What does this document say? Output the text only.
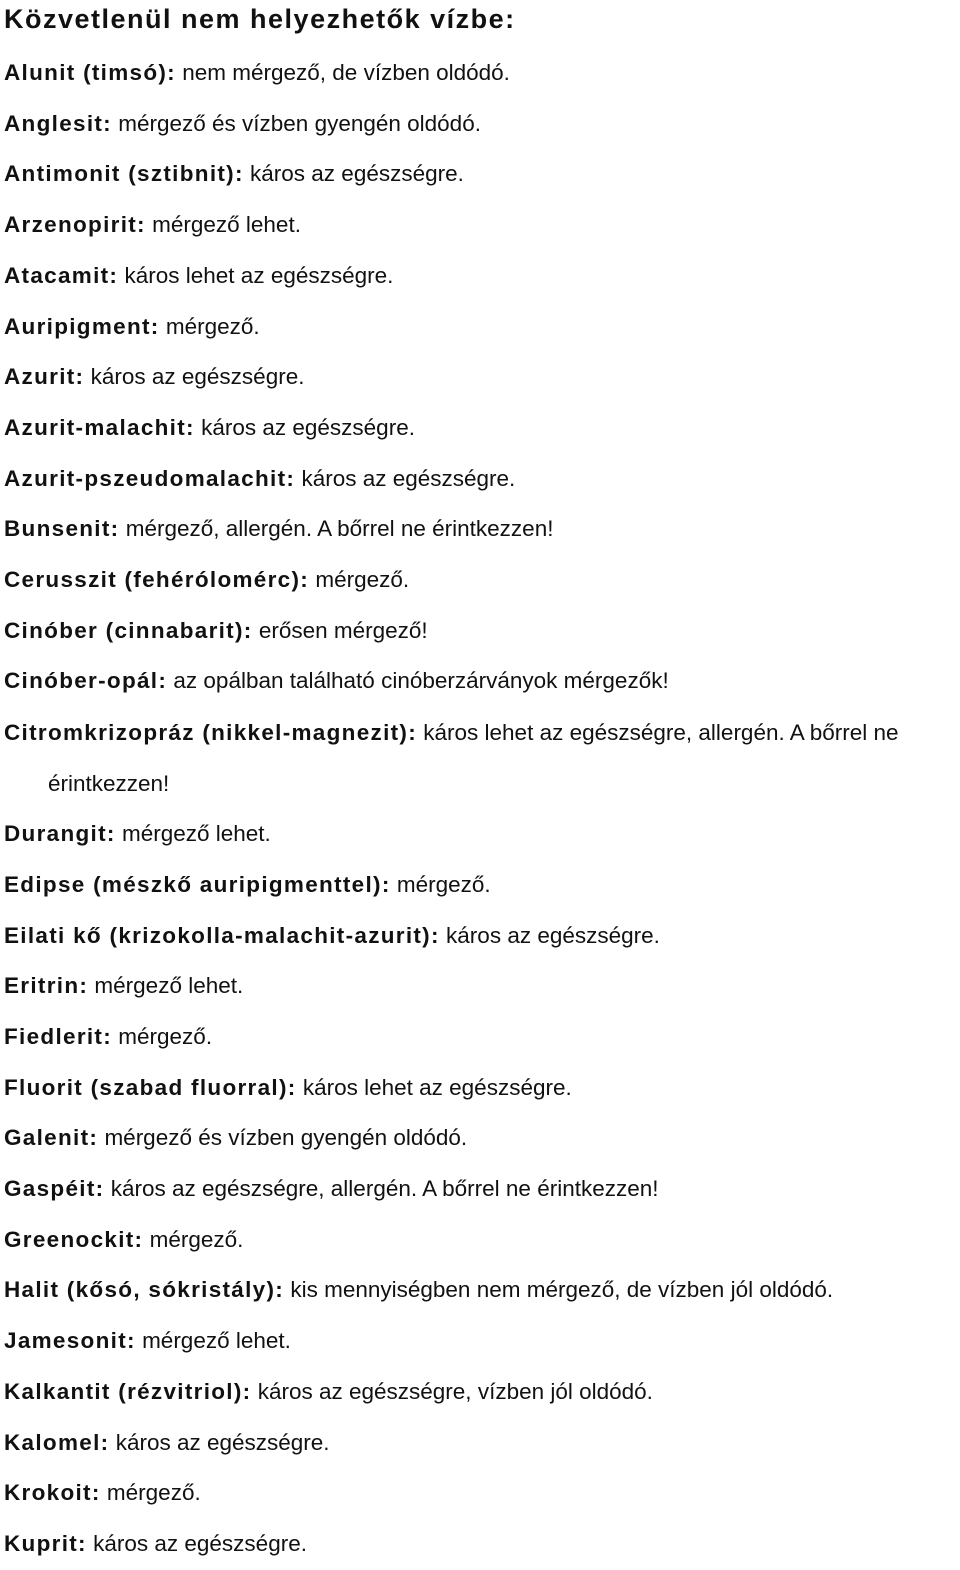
Közvetlenül nem helyezhetők vízbe:
Alunit (timsó): nem mérgező, de vízben oldódó.
Anglesit: mérgező és vízben gyengén oldódó.
Antimonit (sztibnit): káros az egészségre.
Arzenopirit: mérgező lehet.
Atacamit: káros lehet az egészségre.
Auripigment: mérgező.
Azurit: káros az egészségre.
Azurit-malachit: káros az egészségre.
Azurit-pszeudomalachit: káros az egészségre.
Bunsenit: mérgező, allergén. A bőrrel ne érintkezzen!
Cerusszit (fehérólomérc): mérgező.
Cinóber (cinnabarit): erősen mérgező!
Cinóber-opál: az opálban található cinóberzárványok mérgezők!
Citromkrizopráz (nikkel-magnezit): káros lehet az egészségre, allergén. A bőrrel ne érintkezzen!
Durangit: mérgező lehet.
Edipse (mészkő auripigmenttel): mérgező.
Eilati kő (krizokolla-malachit-azurit): káros az egészségre.
Eritrin: mérgező lehet.
Fiedlerit: mérgező.
Fluorit (szabad fluorral): káros lehet az egészségre.
Galenit: mérgező és vízben gyengén oldódó.
Gaspéit: káros az egészségre, allergén. A bőrrel ne érintkezzen!
Greenockit: mérgező.
Halit (kősó, sókristály): kis mennyiségben nem mérgező, de vízben jól oldódó.
Jamesonit: mérgező lehet.
Kalkantit (rézvitriol): káros az egészségre, vízben jól oldódó.
Kalomel: káros az egészségre.
Krokoit: mérgező.
Kuprit: káros az egészségre.
